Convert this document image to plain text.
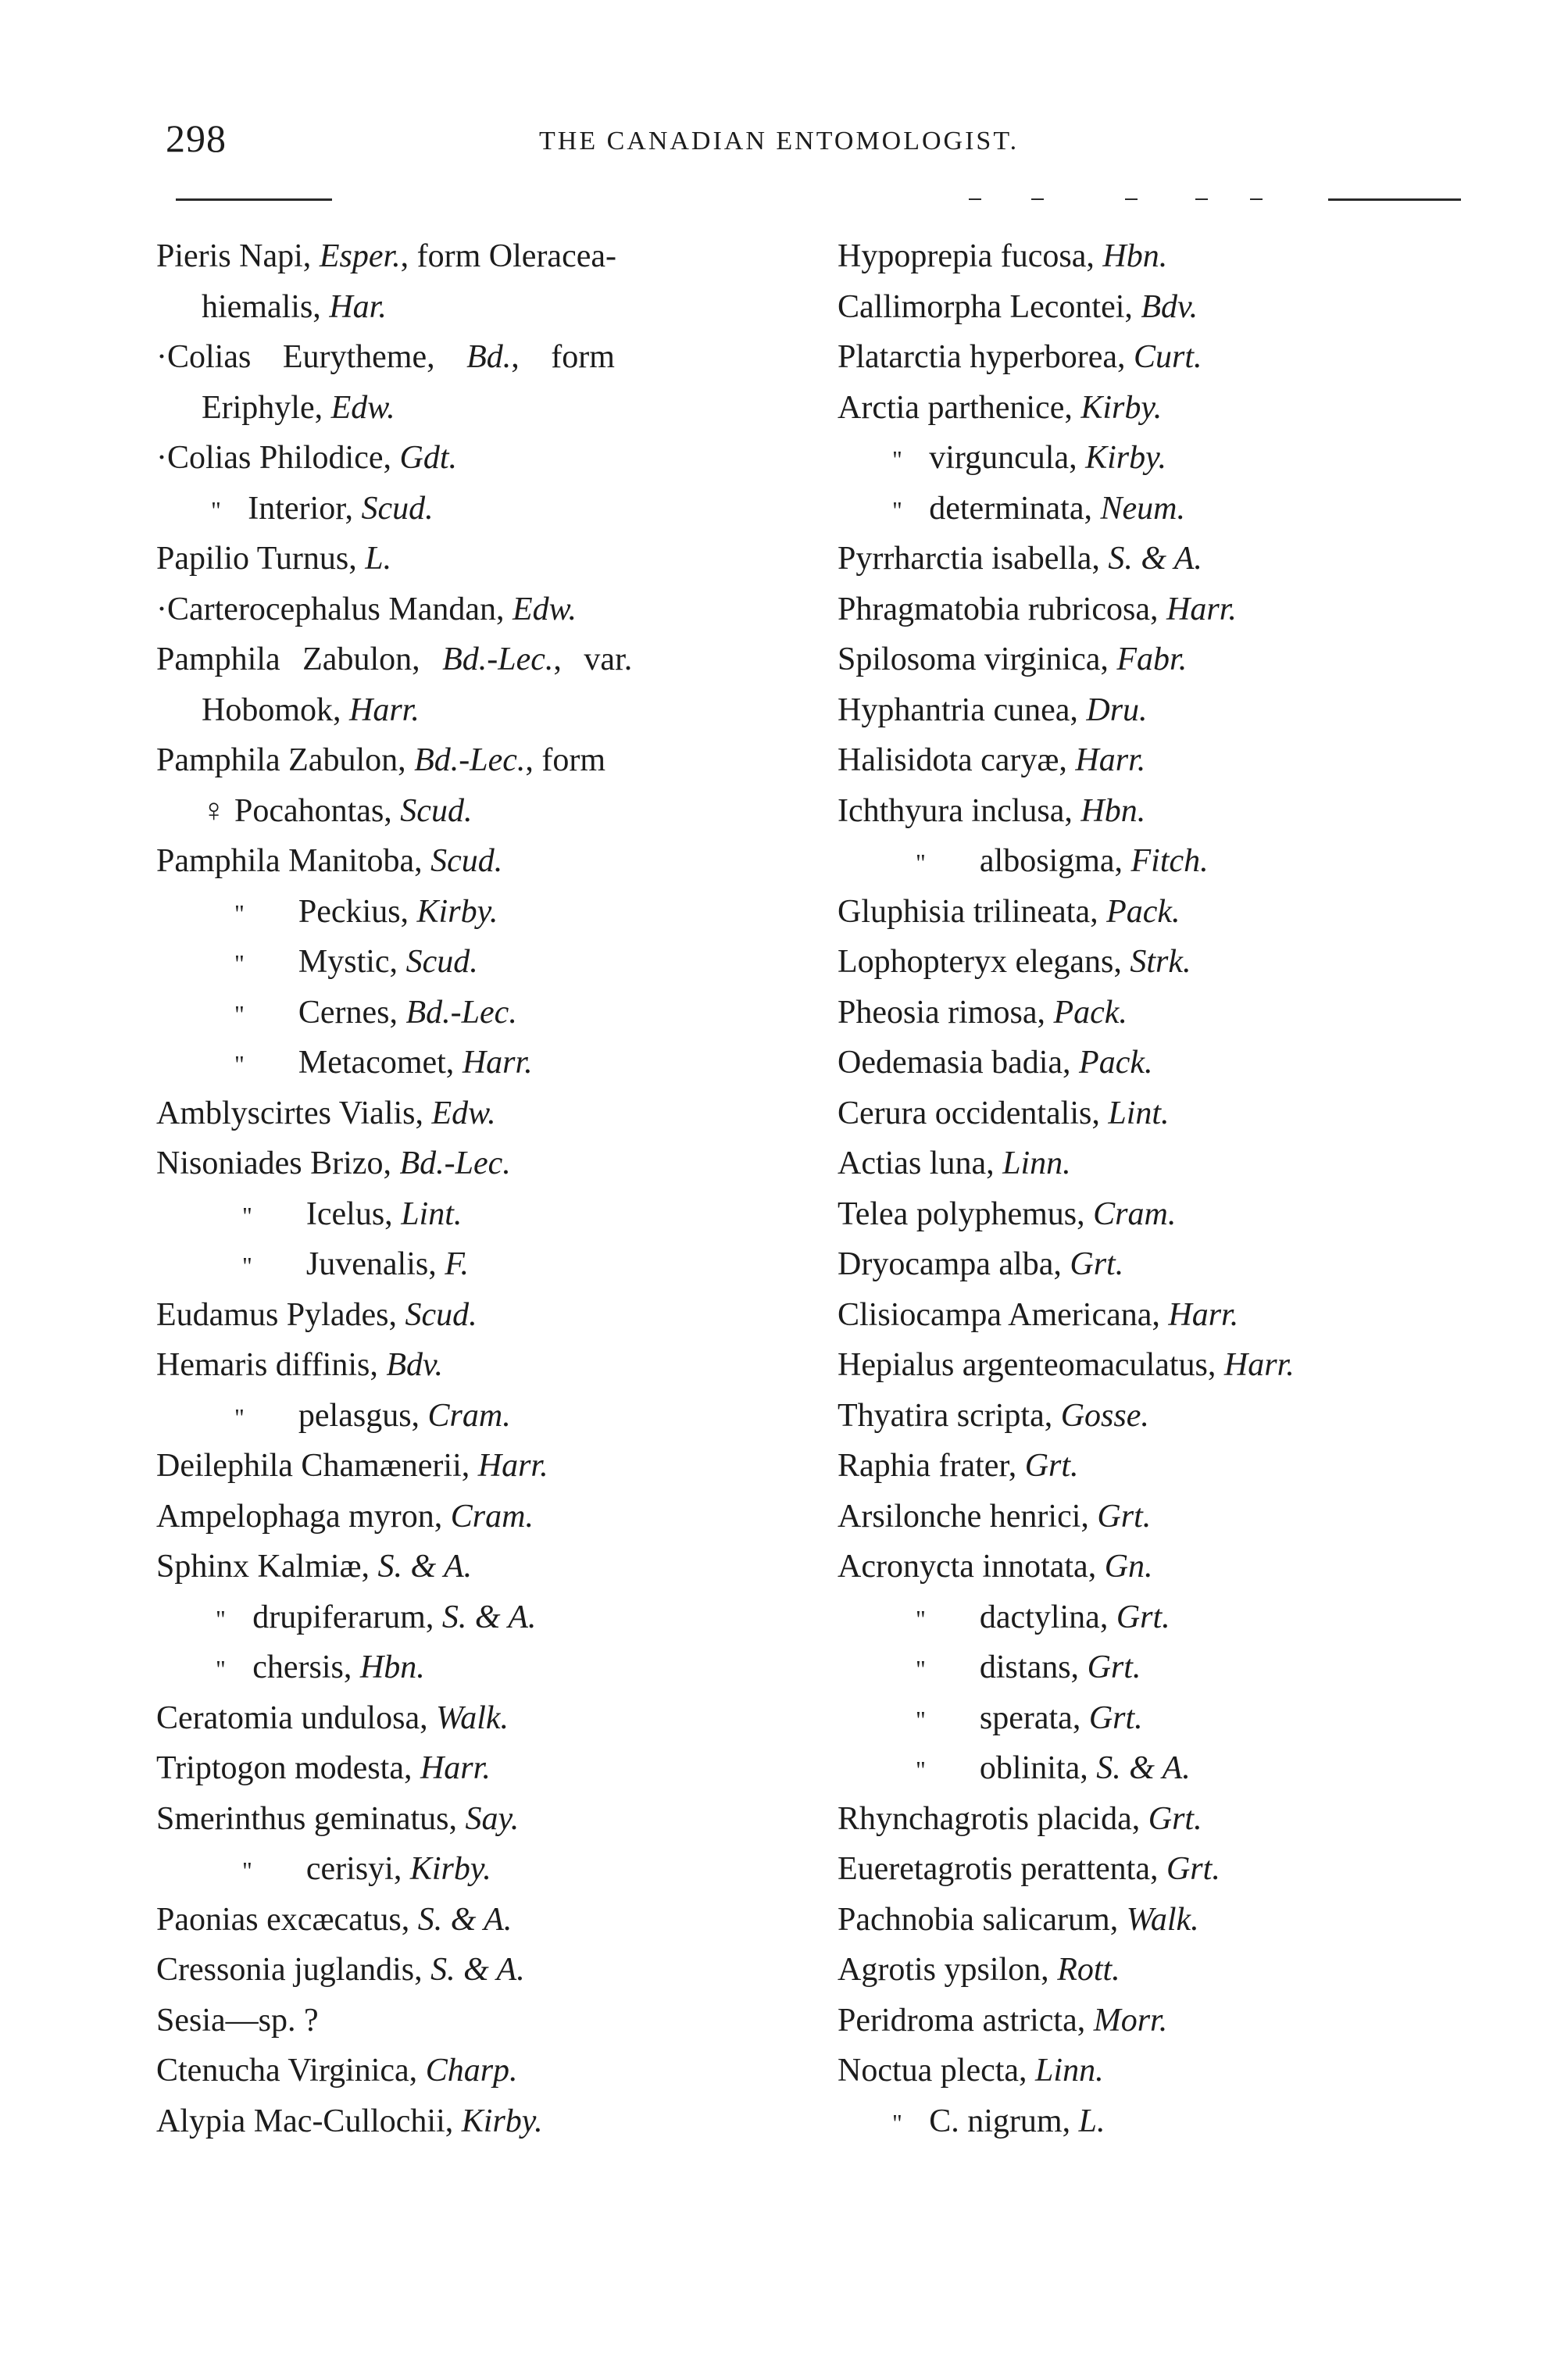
298	THE CANADIAN ENTOMOLOGIST.
Pieris Napi, Esper., form Oleracea-
hiemalis, Har.
·Colias Eurytheme, Bd., form
Eriphyle, Edw.
·Colias Philodice, Gdt.
" Interior, Scud.
Papilio Turnus, L.
·Carterocephalus Mandan, Edw.
Pamphila Zabulon, Bd.-Lec., var.
Hobomok, Harr.
Pamphila Zabulon, Bd.-Lec., form
♀ Pocahontas, Scud.
Pamphila Manitoba, Scud.
" Peckius, Kirby.
" Mystic, Scud.
" Cernes, Bd.-Lec.
" Metacomet, Harr.
Amblyscirtes Vialis, Edw.
Nisoniades Brizo, Bd.-Lec.
" Icelus, Lint.
" Juvenalis, F.
Eudamus Pylades, Scud.
Hemaris diffinis, Bdv.
" pelasgus, Cram.
Deilephila Chamænerii, Harr.
Ampelophaga myron, Cram.
Sphinx Kalmiæ, S. & A.
" drupiferarum, S. & A.
" chersis, Hbn.
Ceratomia undulosa, Walk.
Triptogon modesta, Harr.
Smerinthus geminatus, Say.
" cerisyi, Kirby.
Paonias excæcatus, S. & A.
Cressonia juglandis, S. & A.
Sesia—sp. ?
Ctenucha Virginica, Charp.
Alypia Mac-Cullochii, Kirby.
Hypoprepia fucosa, Hbn.
Callimorpha Lecontei, Bdv.
Platarctia hyperborea, Curt.
Arctia parthenice, Kirby.
" virguncula, Kirby.
" determinata, Neum.
Pyrrharctia isabella, S. & A.
Phragmatobia rubricosa, Harr.
Spilosoma virginica, Fabr.
Hyphantria cunea, Dru.
Halisidota caryæ, Harr.
Ichthyura inclusa, Hbn.
" albosigma, Fitch.
Gluphisia trilineata, Pack.
Lophopteryx elegans, Strk.
Pheosia rimosa, Pack.
Oedemasia badia, Pack.
Cerura occidentalis, Lint.
Actias luna, Linn.
Telea polyphemus, Cram.
Dryocampa alba, Grt.
Clisiocampa Americana, Harr.
Hepialus argenteomaculatus, Harr.
Thyatira scripta, Gosse.
Raphia frater, Grt.
Arsilonche henrici, Grt.
Acronycta innotata, Gn.
" dactylina, Grt.
" distans, Grt.
" sperata, Grt.
" oblinita, S. & A.
Rhynchagrotis placida, Grt.
Eueretagrotis perattenta, Grt.
Pachnobia salicarum, Walk.
Agrotis ypsilon, Rott.
Peridroma astricta, Morr.
Noctua plecta, Linn.
" C. nigrum, L.
